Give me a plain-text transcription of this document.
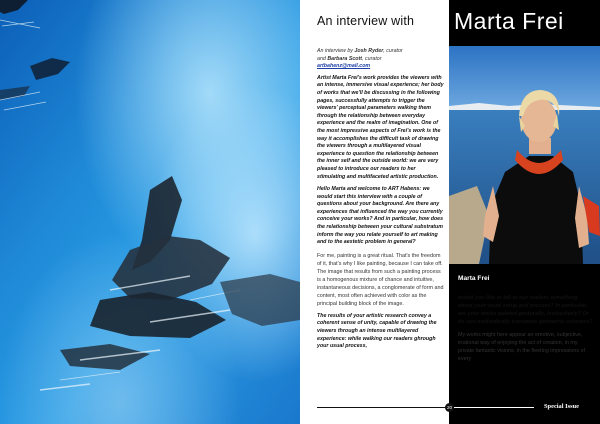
An interview with Marta Frei
Marta Frei
An interview by Josh Ryder, curator
and Barbara Scott, curator
artbahenz@mail.com

Artist Marta Frei's work provides the viewers with an intense, immersive visual experience; her body of works that we'll be discussing in the following pages, successfully attempts to trigger the viewers' perceptual parameters walking them through the relationship between everyday experience and the realm of imagination. One of the most impressive aspects of Frei's work is the way it accomplishes the difficult task of drawing the viewers through a multilayered visual experience to question the relationship between the inner self and the outside world: we are very pleased to introduce our readers to her stimulating and multifaceted artistic production.

Hello Marta and welcome to ART Habens: we would start this interview with a couple of questions about your background. Are there any experiences that influenced the way you currently conceive your works? And in particular, how does the relationship between your cultural substratum inform the way you relate yourself to art making and to the aestetic problem in general?

For me, painting is a great ritual. That's the freedom of it, that's why I like painting, because I can take off. The image that results from such a painting process is a homogenous mixture of chance and intuitive, instantaneous decisions, a conglomerate of form and content, most often achieved with color as the principal building block of the image.

The results of your artistic research convey a coherent sense of unity, capable of drawing the viewers through an intense multilayered experience: while walking our readers ghrough your usual process,

would you like to tell to our readers something about your usual setup and process? In particular, are your works painted gesturally, instinctively? Or do oyu methodically transpose geometric schemes?

My works might here appear an emotive, subjective, irrational way of enjoying the act of creation, in my private fantastic visions, in the fleeting impressions of every

20	Special Issue
